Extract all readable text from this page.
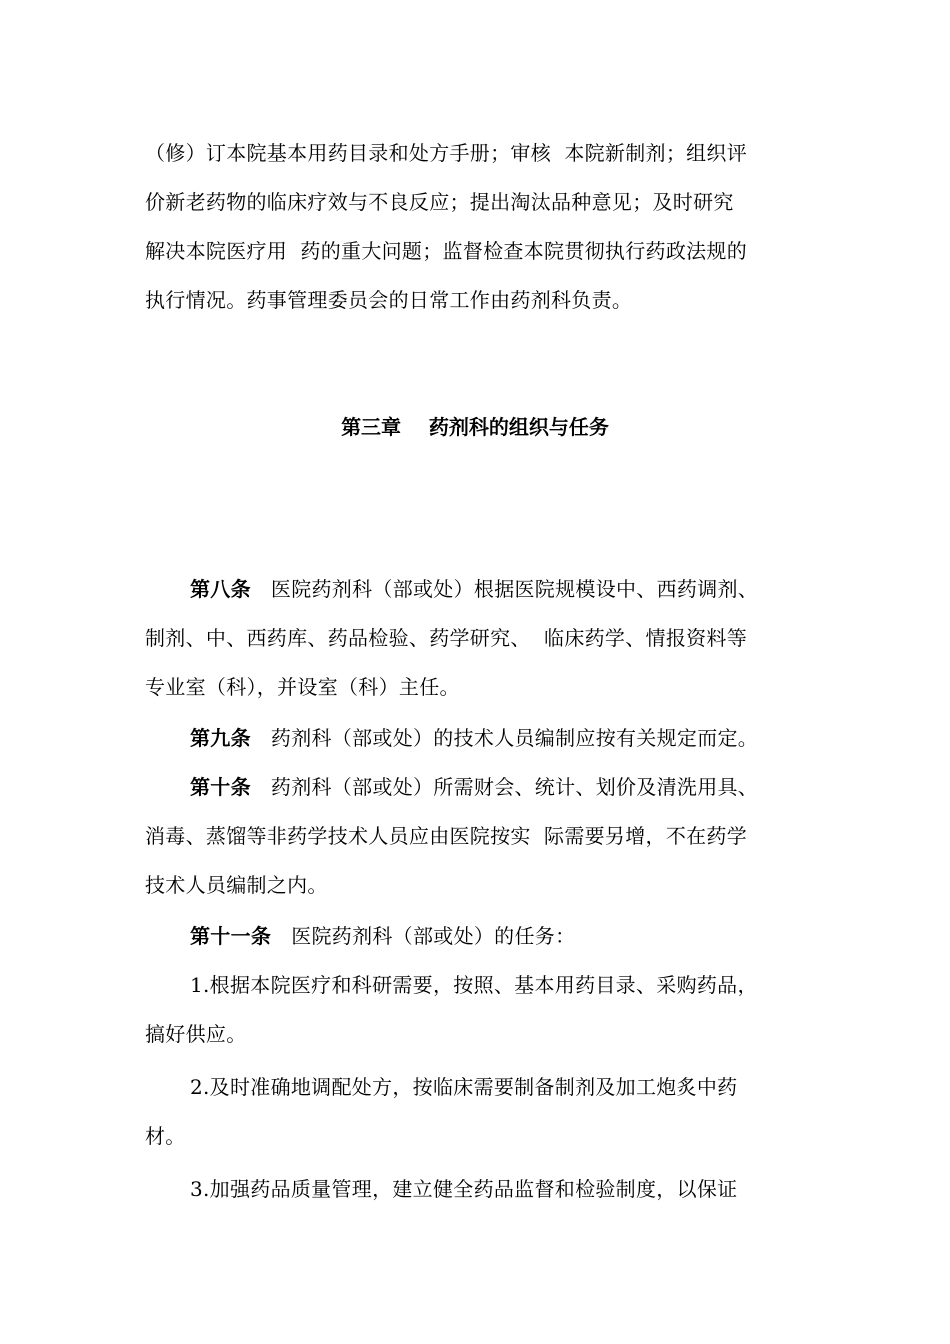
（修）订本院基本用药目录和处方手册；审核  本院新制剂；组织评
价新老药物的临床疗效与不良反应；提出淘汰品种意见；及时研究
解决本院医疗用  药的重大问题；监督检查本院贯彻执行药政法规的
执行情况。药事管理委员会的日常工作由药剂科负责。
第三章    药剂科的组织与任务
第八条 医院药剂科（部或处）根据医院规模设中、西药调剂、
制剂、中、西药库、药品检验、药学研究、  临床药学、情报资料等
专业室（科），并设室（科）主任。
第九条 药剂科（部或处）的技术人员编制应按有关规定而定。
第十条 药剂科（部或处）所需财会、统计、划价及清洗用具、
消毒、蒸馏等非药学技术人员应由医院按实  际需要另增，不在药学
技术人员编制之内。
第十一条 医院药剂科（部或处）的任务：
1.根据本院医疗和科研需要，按照、基本用药目录、采购药品，
搞好供应。
2.及时准确地调配处方，按临床需要制备制剂及加工炮炙中药
材。
3.加强药品质量管理，建立健全药品监督和检验制度，以保证
